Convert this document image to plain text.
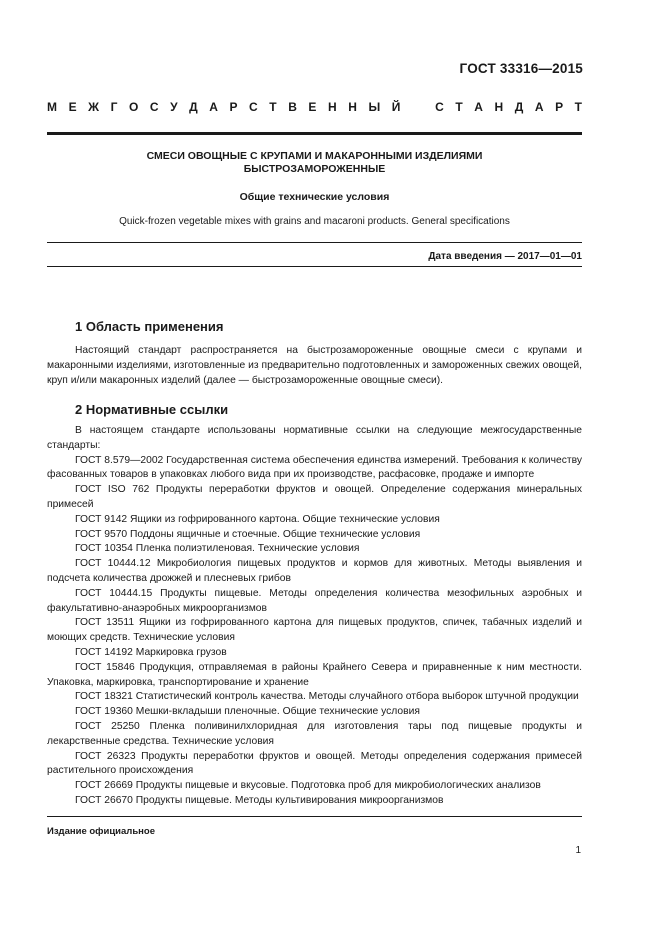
ГОСТ 33316—2015
М Е Ж Г О С У Д А Р С Т В Е Н Н Ы Й	С Т А Н Д А Р Т
СМЕСИ ОВОЩНЫЕ С КРУПАМИ И МАКАРОННЫМИ ИЗДЕЛИЯМИ
БЫСТРОЗАМОРОЖЕННЫЕ
Общие технические условия
Quick-frozen vegetable mixes with grains and macaroni products. General specifications
Дата введения — 2017—01—01
1 Область применения

Настоящий стандарт распространяется на быстрозамороженные овощные смеси с крупами и макаронными изделиями, изготовленные из предварительно подготовленных и замороженных свежих овощей, круп и/или макаронных изделий (далее — быстрозамороженные овощные смеси).

2 Нормативные ссылки

В настоящем стандарте использованы нормативные ссылки на следующие межгосударственные стандарты:

ГОСТ 8.579—2002 Государственная система обеспечения единства измерений. Требования к количеству фасованных товаров в упаковках любого вида при их производстве, расфасовке, продаже и импорте

ГОСТ ISO 762 Продукты переработки фруктов и овощей. Определение содержания минеральных примесей

ГОСТ 9142 Ящики из гофрированного картона. Общие технические условия

ГОСТ 9570 Поддоны ящичные и стоечные. Общие технические условия

ГОСТ 10354 Пленка полиэтиленовая. Технические условия

ГОСТ 10444.12 Микробиология пищевых продуктов и кормов для животных. Методы выявления и подсчета количества дрожжей и плесневых грибов

ГОСТ 10444.15 Продукты пищевые. Методы определения количества мезофильных аэробных и факультативно-анаэробных микроорганизмов

ГОСТ 13511 Ящики из гофрированного картона для пищевых продуктов, спичек, табачных изделий и моющих средств. Технические условия

ГОСТ 14192 Маркировка грузов

ГОСТ 15846 Продукция, отправляемая в районы Крайнего Севера и приравненные к ним местности. Упаковка, маркировка, транспортирование и хранение

ГОСТ 18321 Статистический контроль качества. Методы случайного отбора выборок штучной продукции

ГОСТ 19360 Мешки-вкладыши пленочные. Общие технические условия

ГОСТ 25250 Пленка поливинилхлоридная для изготовления тары под пищевые продукты и лекарственные средства. Технические условия

ГОСТ 26323 Продукты переработки фруктов и овощей. Методы определения содержания примесей растительного происхождения

ГОСТ 26669 Продукты пищевые и вкусовые. Подготовка проб для микробиологических анализов

ГОСТ 26670 Продукты пищевые. Методы культивирования микроорганизмов

Издание официальное
1
